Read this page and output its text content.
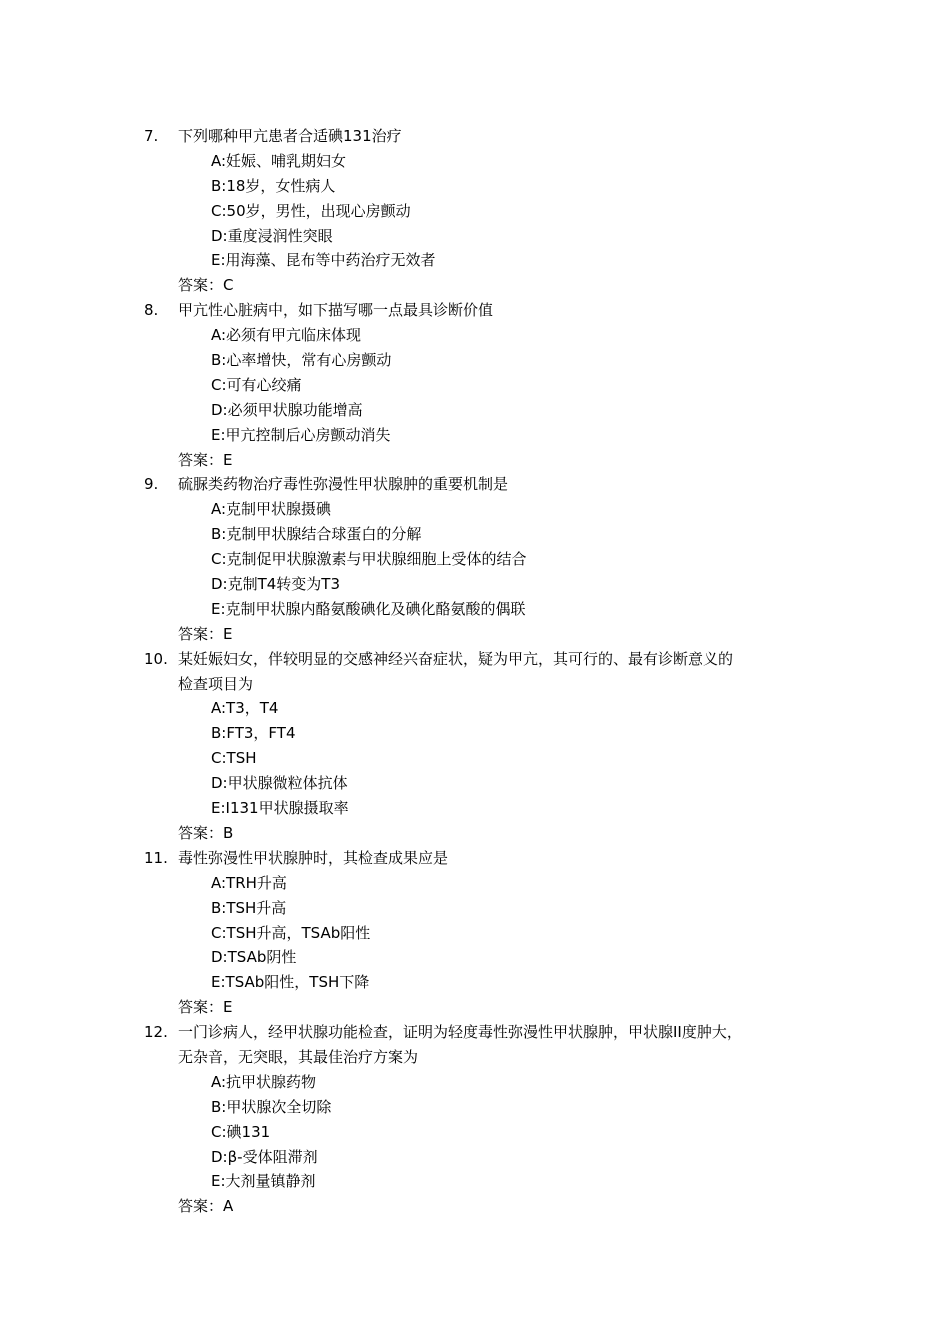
7. 下列哪种甲亢患者合适碘131治疗
A:妊娠、哺乳期妇女
B:18岁，女性病人
C:50岁，男性，出现心房颤动
D:重度浸润性突眼
E:用海藻、昆布等中药治疗无效者
答案：C
8. 甲亢性心脏病中，如下描写哪一点最具诊断价值
A:必须有甲亢临床体现
B:心率增快，常有心房颤动
C:可有心绞痛
D:必须甲状腺功能增高
E:甲亢控制后心房颤动消失
答案：E
9. 硫脲类药物治疗毒性弥漫性甲状腺肿的重要机制是
A:克制甲状腺摄碘
B:克制甲状腺结合球蛋白的分解
C:克制促甲状腺激素与甲状腺细胞上受体的结合
D:克制T4转变为T3
E:克制甲状腺内酪氨酸碘化及碘化酪氨酸的偶联
答案：E
10. 某妊娠妇女，伴较明显的交感神经兴奋症状，疑为甲亢，其可行的、最有诊断意义的
检查项目为
A:T3，T4
B:FT3，FT4
C:TSH
D:甲状腺微粒体抗体
E:I131甲状腺摄取率
答案：B
11. 毒性弥漫性甲状腺肿时，其检查成果应是
A:TRH升高
B:TSH升高
C:TSH升高，TSAb阳性
D:TSAb阴性
E:TSAb阳性，TSH下降
答案：E
12. 一门诊病人，经甲状腺功能检查，证明为轻度毒性弥漫性甲状腺肿，甲状腺II度肿大，
无杂音，无突眼，其最佳治疗方案为
A:抗甲状腺药物
B:甲状腺次全切除
C:碘131
D:β-受体阻滞剂
E:大剂量镇静剂
答案：A
